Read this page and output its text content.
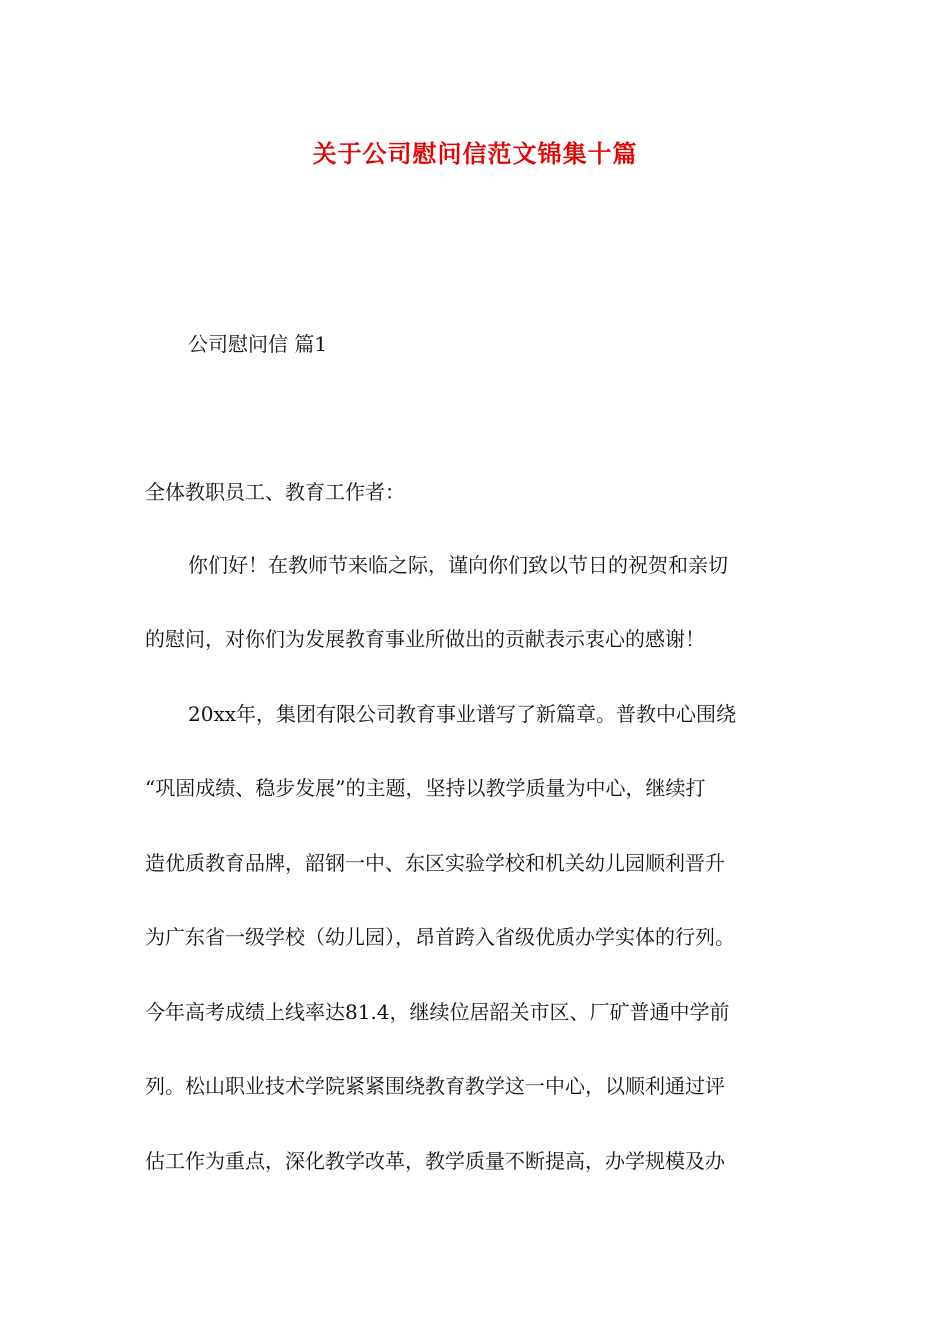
关于公司慰问信范文锦集十篇
公司慰问信 篇1
全体教职员工、教育工作者：
你们好！在教师节来临之际，谨向你们致以节日的祝贺和亲切
的慰问，对你们为发展教育事业所做出的贡献表示衷心的感谢！
20xx年，集团有限公司教育事业谱写了新篇章。普教中心围绕
“巩固成绩、稳步发展”的主题，坚持以教学质量为中心，继续打
造优质教育品牌，韶钢一中、东区实验学校和机关幼儿园顺利晋升
为广东省一级学校（幼儿园），昂首跨入省级优质办学实体的行列。
今年高考成绩上线率达81.4，继续位居韶关市区、厂矿普通中学前
列。松山职业技术学院紧紧围绕教育教学这一中心，以顺利通过评
估工作为重点，深化教学改革，教学质量不断提高，办学规模及办
